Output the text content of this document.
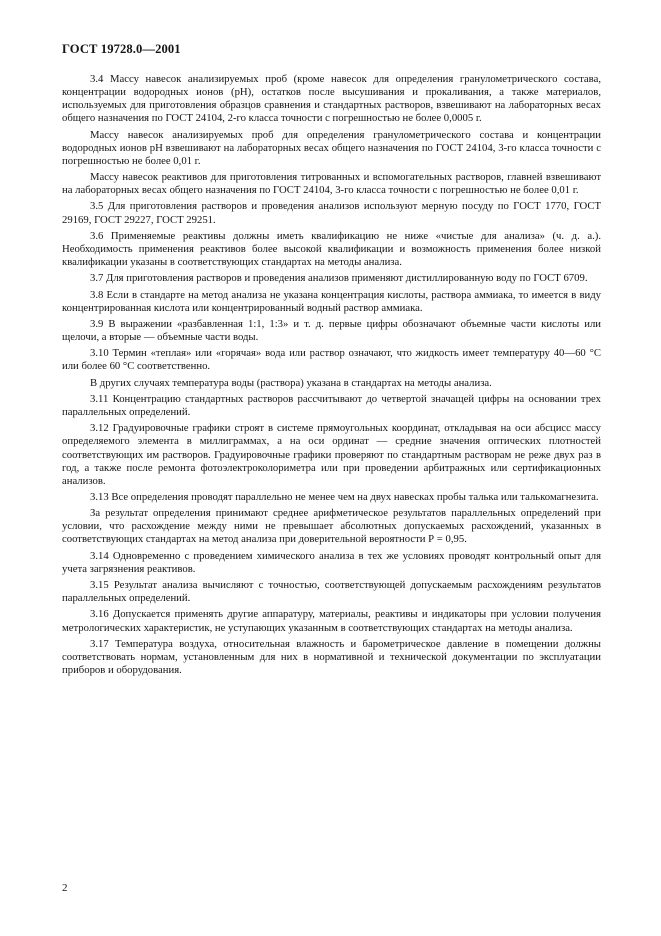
ГОСТ 19728.0—2001

3.4 Массу навесок анализируемых проб (кроме навесок для определения гранулометрического состава, концентрации водородных ионов (рН), остатков после высушивания и прокаливания, а также материалов, используемых для приготовления образцов сравнения и стандартных растворов, взвешивают на лабораторных весах общего назначения по ГОСТ 24104, 2-го класса точности с погрешностью не более 0,0005 г.

Массу навесок анализируемых проб для определения гранулометрического состава и концентрации водородных ионов рН взвешивают на лабораторных весах общего назначения по ГОСТ 24104, 3-го класса точности с погрешностью не более 0,01 г.

Массу навесок реактивов для приготовления титрованных и вспомогательных растворов, главней взвешивают на лабораторных весах общего назначения по ГОСТ 24104, 3-го класса точности с погрешностью не более 0,01 г.

3.5 Для приготовления растворов и проведения анализов используют мерную посуду по ГОСТ 1770, ГОСТ 29169, ГОСТ 29227, ГОСТ 29251.

3.6 Применяемые реактивы должны иметь квалификацию не ниже «чистые для анализа» (ч. д. а.). Необходимость применения реактивов более высокой квалификации и возможность применения более низкой квалификации указаны в соответствующих стандартах на методы анализа.

3.7 Для приготовления растворов и проведения анализов применяют дистиллированную воду по ГОСТ 6709.

3.8 Если в стандарте на метод анализа не указана концентрация кислоты, раствора аммиака, то имеется в виду концентрированная кислота или концентрированный водный раствор аммиака.

3.9 В выражении «разбавленная 1:1, 1:3» и т. д. первые цифры обозначают объемные части кислоты или щелочи, а вторые — объемные части воды.

3.10 Термин «теплая» или «горячая» вода или раствор означают, что жидкость имеет температуру 40—60 °С или более 60 °С соответственно.

В других случаях температура воды (раствора) указана в стандартах на методы анализа.

3.11 Концентрацию стандартных растворов рассчитывают до четвертой значащей цифры на основании трех параллельных определений.

3.12 Градуировочные графики строят в системе прямоугольных координат, откладывая на оси абсцисс массу определяемого элемента в миллиграммах, а на оси ординат — средние значения оптических плотностей соответствующих им растворов. Градуировочные графики проверяют по стандартным растворам не реже двух раз в год, а также после ремонта фотоэлектроколориметра или при проведении арбитражных или сертификационных анализов.

3.13 Все определения проводят параллельно не менее чем на двух навесках пробы талька или талькомагнезита.

За результат определения принимают среднее арифметическое результатов параллельных определений при условии, что расхождение между ними не превышает абсолютных допускаемых расхождений, указанных в соответствующих стандартах на метод анализа при доверительной вероятности Р = 0,95.

3.14 Одновременно с проведением химического анализа в тех же условиях проводят контрольный опыт для учета загрязнения реактивов.

3.15 Результат анализа вычисляют с точностью, соответствующей допускаемым расхождениям результатов параллельных определений.

3.16 Допускается применять другие аппаратуру, материалы, реактивы и индикаторы при условии получения метрологических характеристик, не уступающих указанным в соответствующих стандартах на методы анализа.

3.17 Температура воздуха, относительная влажность и барометрическое давление в помещении должны соответствовать нормам, установленным для них в нормативной и технической документации по эксплуатации приборов и оборудования.

2
